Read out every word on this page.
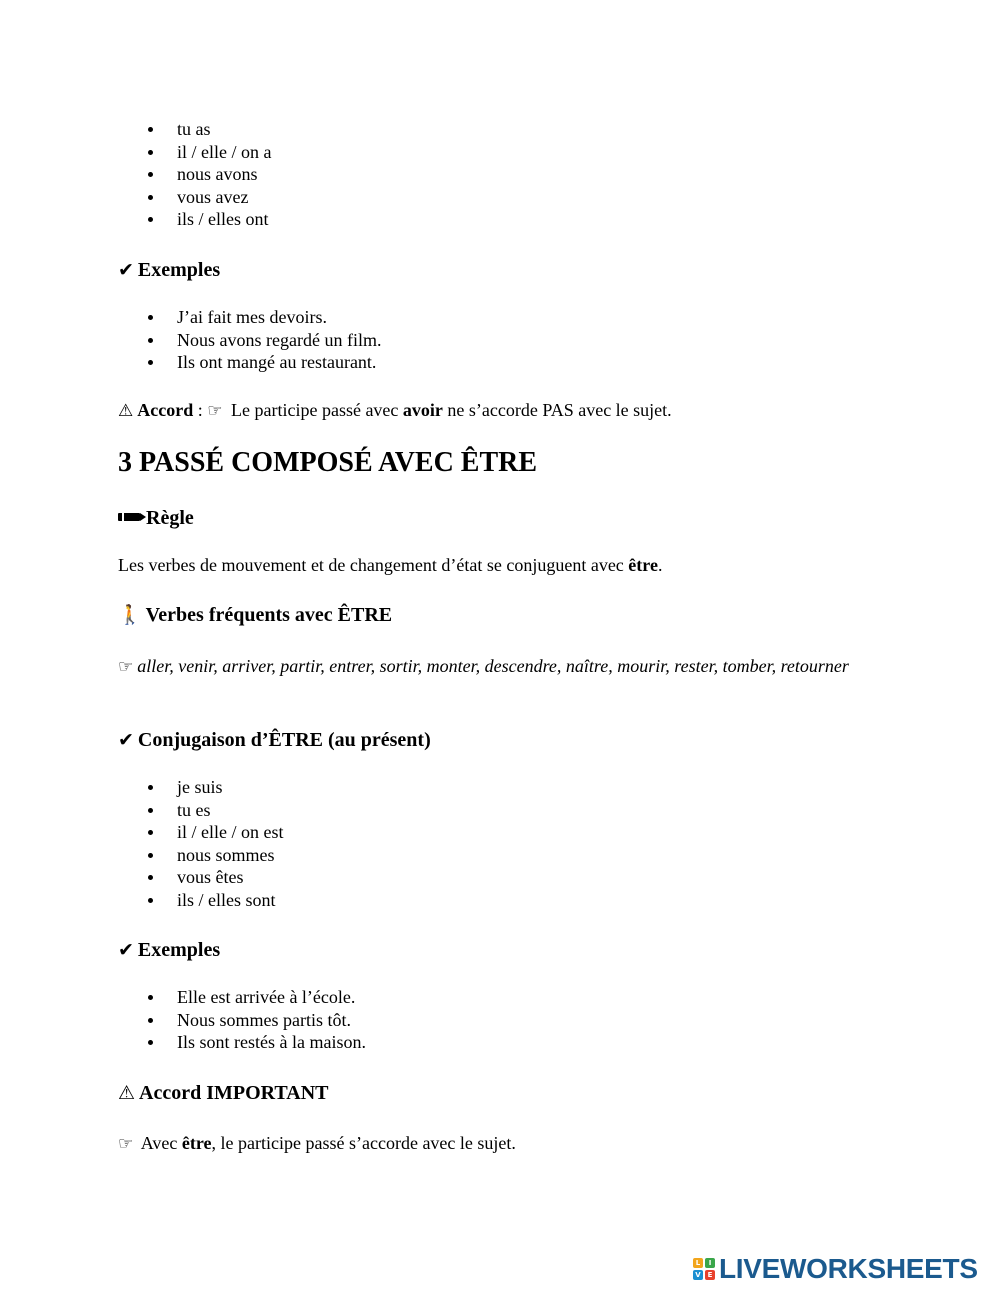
tu as
il / elle / on a
nous avons
vous avez
ils / elles ont
✔ Exemples
J’ai fait mes devoirs.
Nous avons regardé un film.
Ils ont mangé au restaurant.
⚠ Accord : ☞ Le participe passé avec avoir ne s’accorde PAS avec le sujet.
3 PASSÉ COMPOSÉ AVEC ÊTRE
Règle
Les verbes de mouvement et de changement d’état se conjuguent avec être.
🚶 Verbes fréquents avec ÊTRE
☞ aller, venir, arriver, partir, entrer, sortir, monter, descendre, naître, mourir, rester, tomber, retourner
✔ Conjugaison d’ÊTRE (au présent)
je suis
tu es
il / elle / on est
nous sommes
vous êtes
ils / elles sont
✔ Exemples
Elle est arrivée à l’école.
Nous sommes partis tôt.
Ils sont restés à la maison.
⚠ Accord IMPORTANT
☞ Avec être, le participe passé s’accorde avec le sujet.
L	I
V E LIVEWORKSHEETS
